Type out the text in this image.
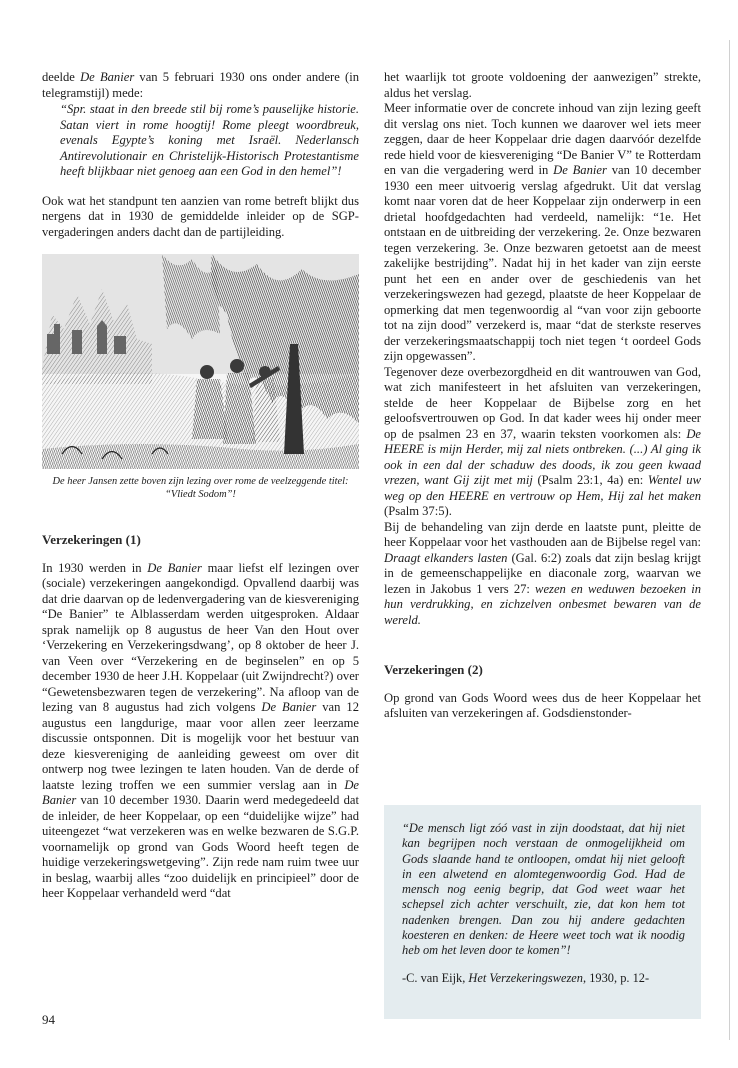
deelde De Banier van 5 februari 1930 ons onder andere (in telegramstijl) mede:

“Spr. staat in den breede stil bij rome’s pauselijke historie. Satan viert in rome hoogtij! Rome pleegt woordbreuk, evenals Egypte’s koning met Israël. Nederlansch Antirevolutionair en Christelijk-Historisch Protestantisme heeft blijkbaar niet genoeg aan een God in den hemel”!

Ook wat het standpunt ten aanzien van rome betreft blijkt dus nergens dat in 1930 de gemiddelde inleider op de SGP-vergaderingen anders dacht dan de partijleiding.

De heer Jansen zette boven zijn lezing over rome de veelzeggende titel: “Vliedt Sodom”!

Verzekeringen (1)

In 1930 werden in De Banier maar liefst elf lezingen over (sociale) verzekeringen aangekondigd. Opvallend daarbij was dat drie daarvan op de ledenvergadering van de kiesvereniging “De Banier” te Alblasserdam werden uitgesproken. Aldaar sprak namelijk op 8 augustus de heer Van den Hout over ‘Verzekering en Verzekeringsdwang’, op 8 oktober de heer J. van Veen over “Verzekering en de beginselen” en op 5 december 1930 de heer J.H. Koppelaar (uit Zwijndrecht?) over “Gewetensbezwaren tegen de verzekering”. Na afloop van de lezing van 8 augustus had zich volgens De Banier van 12 augustus een langdurige, maar voor allen zeer leerzame discussie ontsponnen. Dit is mogelijk voor het bestuur van deze kiesvereniging de aanleiding geweest om over dit ontwerp nog twee lezingen te laten houden. Van de derde of laatste lezing troffen we een summier verslag aan in De Banier van 10 december 1930. Daarin werd medegedeeld dat de inleider, de heer Koppelaar, op een “duidelijke wijze” had uiteengezet “wat verzekeren was en welke bezwaren de S.G.P. voornamelijk op grond van Gods Woord heeft tegen de huidige verzekeringswetgeving”. Zijn rede nam ruim twee uur in beslag, waarbij alles “zoo duidelijk en principieel” door de heer Koppelaar verhandeld werd “dat

het waarlijk tot groote voldoening der aanwezigen” strekte, aldus het verslag.

Meer informatie over de concrete inhoud van zijn lezing geeft dit verslag ons niet. Toch kunnen we daarover wel iets meer zeggen, daar de heer Koppelaar drie dagen daarvóór dezelfde rede hield voor de kiesvereniging “De Banier V” te Rotterdam en van die vergadering werd in De Banier van 10 december 1930 een meer uitvoerig verslag afgedrukt. Uit dat verslag komt naar voren dat de heer Koppelaar zijn onderwerp in een drietal hoofdgedachten had verdeeld, namelijk: “1e. Het ontstaan en de uitbreiding der verzekering. 2e. Onze bezwaren tegen verzekering. 3e. Onze bezwaren getoetst aan de meest zakelijke bestrijding”. Nadat hij in het kader van zijn eerste punt het een en ander over de geschiedenis van het verzekeringswezen had gezegd, plaatste de heer Koppelaar de opmerking dat men tegenwoordig al “van voor zijn geboorte tot na zijn dood” verzekerd is, maar “dat de sterkste reserves der verzekeringsmaatschappij toch niet tegen ‘t oordeel Gods zijn opgewassen”.

Tegenover deze overbezorgdheid en dit wantrouwen van God, wat zich manifesteert in het afsluiten van verzekeringen, stelde de heer Koppelaar de Bijbelse zorg en het geloofsvertrouwen op God. In dat kader wees hij onder meer op de psalmen 23 en 37, waarin teksten voorkomen als: De HEERE is mijn Herder, mij zal niets ontbreken. (...) Al ging ik ook in een dal der schaduw des doods, ik zou geen kwaad vrezen, want Gij zijt met mij (Psalm 23:1, 4a) en: Wentel uw weg op den HEERE en vertrouw op Hem, Hij zal het maken (Psalm 37:5).

Bij de behandeling van zijn derde en laatste punt, pleitte de heer Koppelaar voor het vasthouden aan de Bijbelse regel van: Draagt elkanders lasten (Gal. 6:2) zoals dat zijn beslag krijgt in de gemeenschappelijke en diaconale zorg, waarvan we lezen in Jakobus 1 vers 27: wezen en weduwen bezoeken in hun verdrukking, en zichzelven onbesmet bewaren van de wereld.

Verzekeringen (2)

Op grond van Gods Woord wees dus de heer Koppelaar het afsluiten van verzekeringen af. Godsdienstonder-

“De mensch ligt zóó vast in zijn doodstaat, dat hij niet kan begrijpen noch verstaan de onmogelijkheid om Gods slaande hand te ontloopen, omdat hij niet gelooft in een alwetend en alomtegenwoordig God. Had de mensch nog eenig begrip, dat God weet waar het schepsel zich achter verschuilt, zie, dat kon hem tot nadenken brengen. Dan zou hij andere gedachten koesteren en denken: de Heere weet toch wat ik noodig heb om het leven door te komen”!

-C. van Eijk, Het Verzekeringswezen, 1930, p. 12-

94
